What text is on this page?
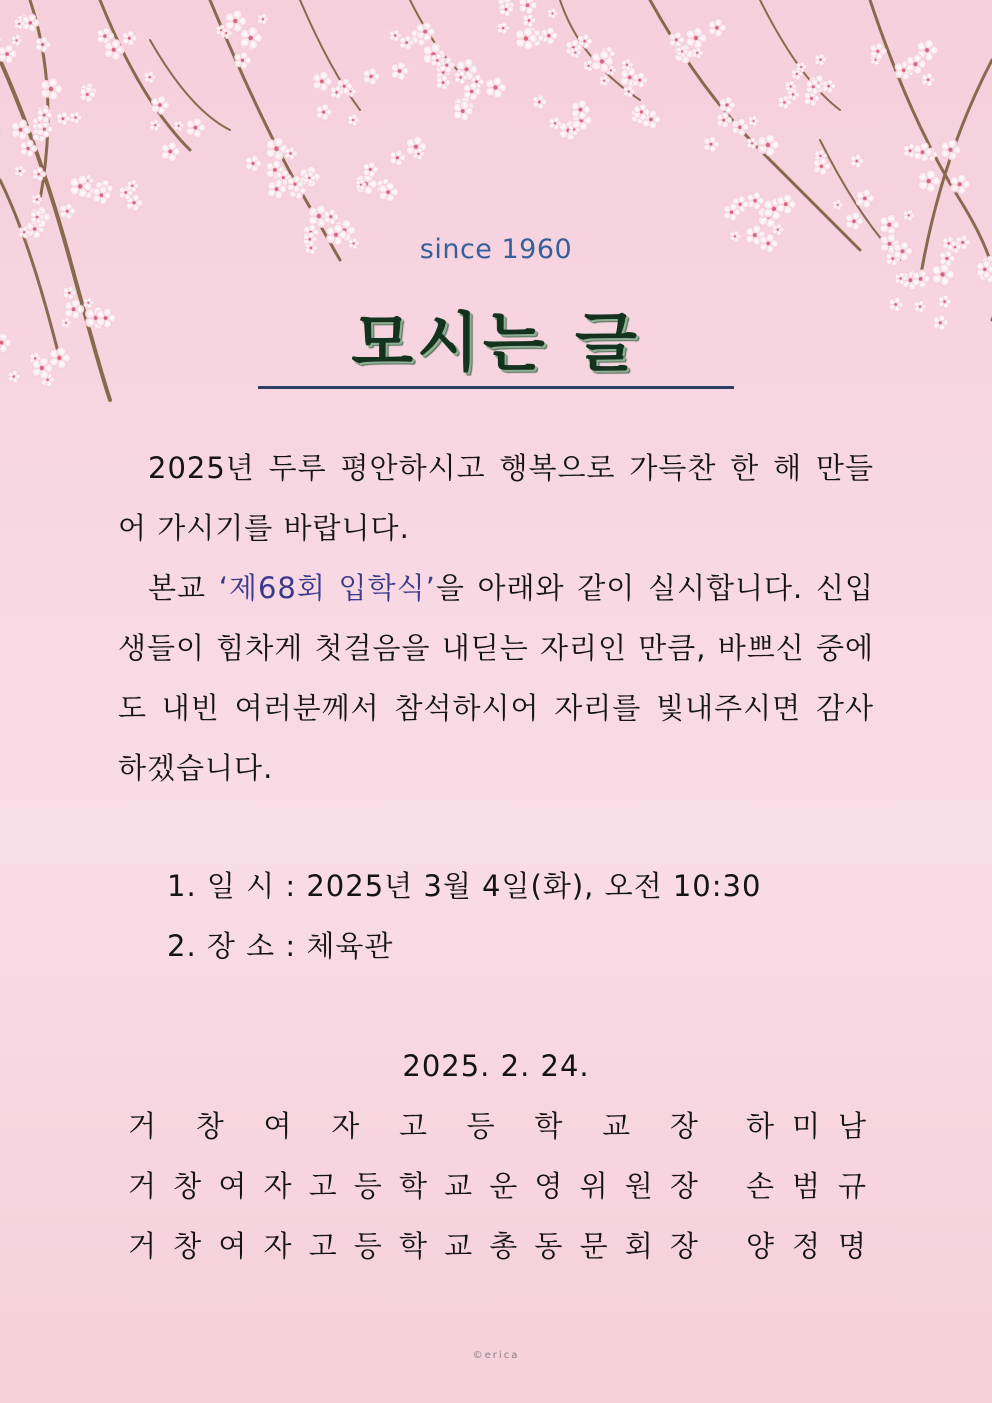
since 1960
모시는 글

2025년 두루 평안하시고 행복으로 가득찬 한 해 만들어 가시기를 바랍니다.

본교 ‘제68회 입학식’을 아래와 같이 실시합니다. 신입생들이 힘차게 첫걸음을 내딛는 자리인 만큼, 바쁘신 중에도 내빈 여러분께서 참석하시어 자리를 빛내주시면 감사하겠습니다.

1. 일 시 : 2025년 3월 4일(화), 오전 10:30
2. 장 소 : 체육관
2025. 2. 24.
거 창 여 자 고 등 학 교 장 하 미 남
거 창 여 자 고 등 학 교 운 영 위 원 장 손 범 규
거 창 여 자 고 등 학 교 총 동 문 회 장 양 정 명
©erica
